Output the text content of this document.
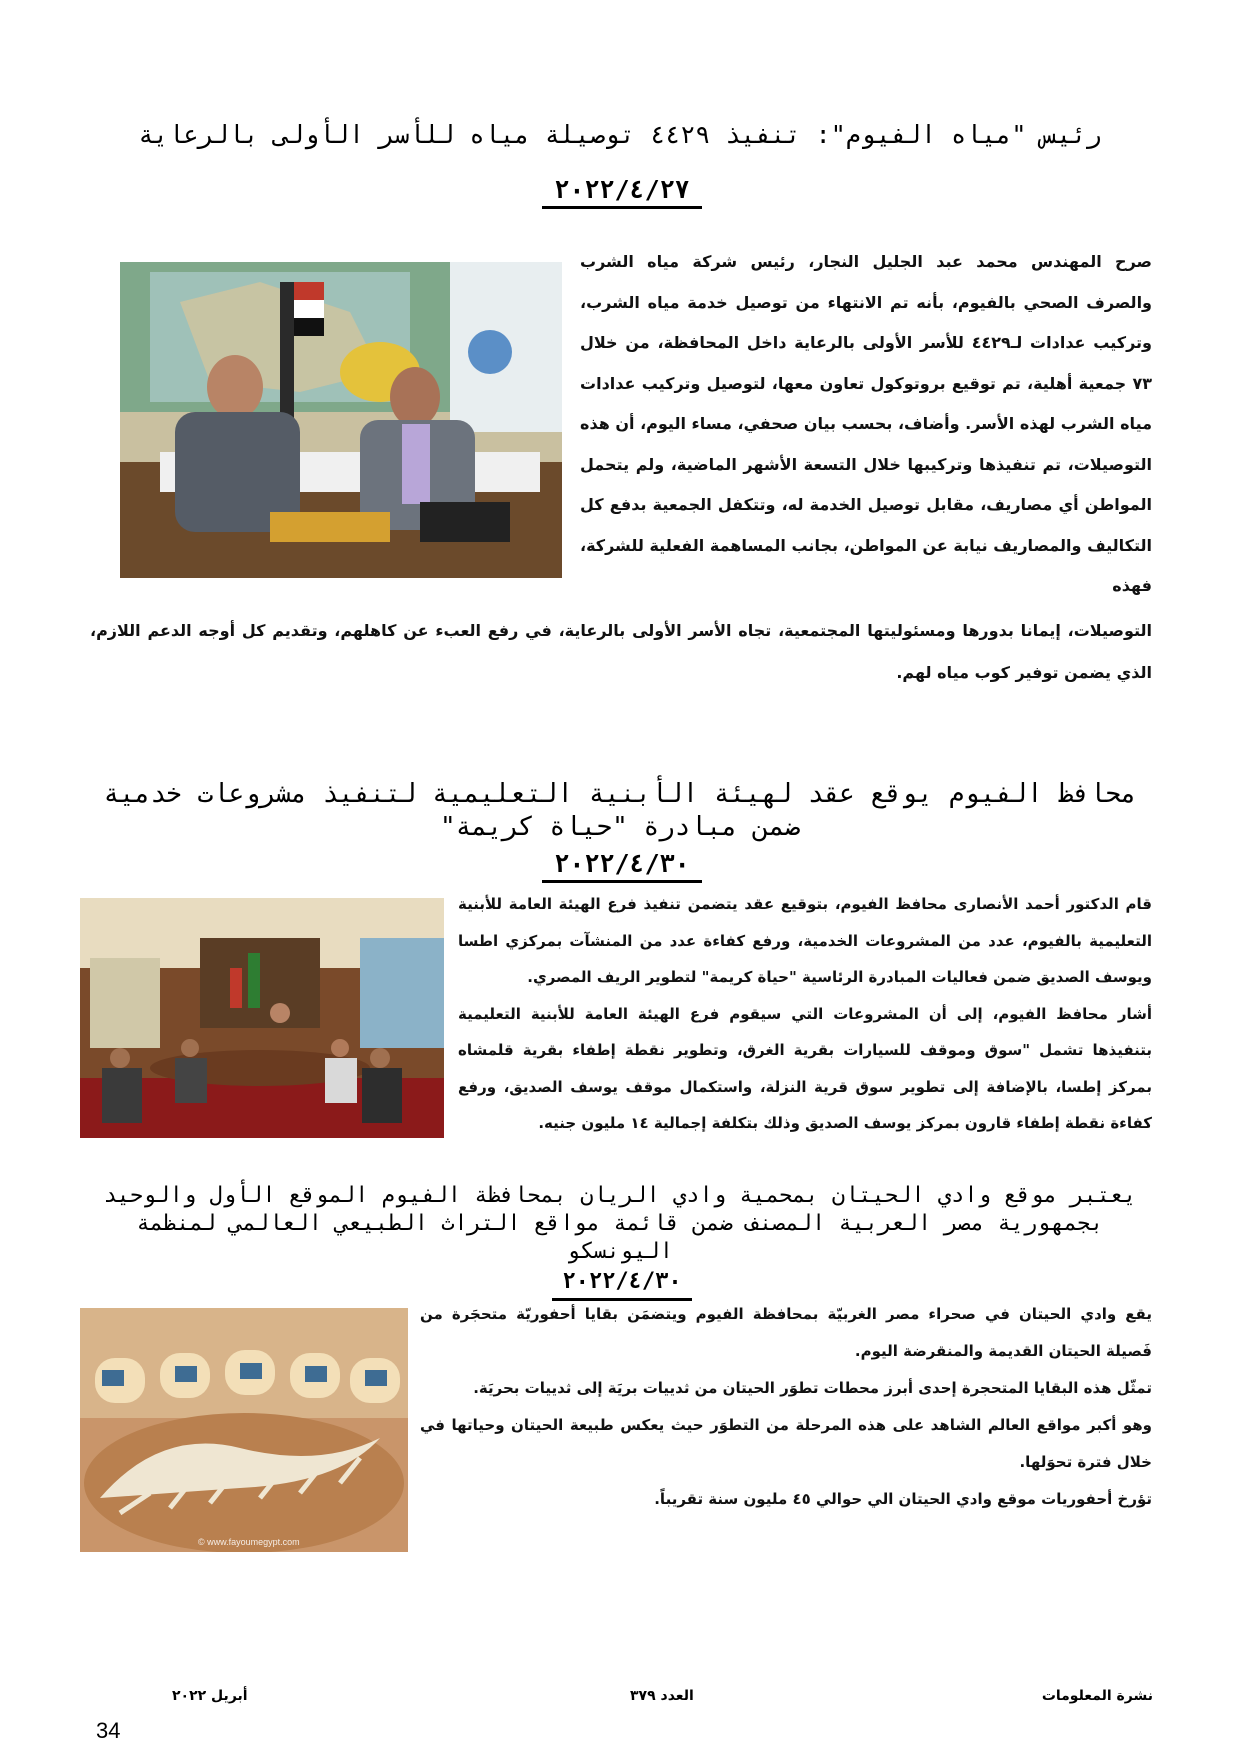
رئيس "مياه الفيوم": تنفيذ ٤٤٢٩ توصيلة مياه للأسر الأولى بالرعاية
٢٠٢٢/٤/٢٧
صرح المهندس محمد عبد الجليل النجار، رئيس شركة مياه الشرب والصرف الصحي بالفيوم، بأنه تم الانتهاء من توصيل خدمة مياه الشرب، وتركيب عدادات لـ٤٤٢٩ للأسر الأولى بالرعاية داخل المحافظة، من خلال ٧٣ جمعية أهلية، تم توقيع بروتوكول تعاون معها، لتوصيل وتركيب عدادات مياه الشرب لهذه الأسر. وأضاف، بحسب بيان صحفي، مساء اليوم، أن هذه التوصيلات، تم تنفيذها وتركيبها خلال التسعة الأشهر الماضية، ولم يتحمل المواطن أي مصاريف، مقابل توصيل الخدمة له، وتتكفل الجمعية بدفع كل التكاليف والمصاريف نيابة عن المواطن، بجانب المساهمة الفعلية للشركة، فهذه
التوصيلات، إيمانا بدورها ومسئوليتها المجتمعية، تجاه الأسر الأولى بالرعاية، في رفع العبء عن كاهلهم، وتقديم كل أوجه الدعم اللازم، الذي يضمن توفير كوب مياه لهم.
محافظ الفيوم يوقع عقد لهيئة الأبنية التعليمية لتنفيذ مشروعات خدمية ضمن مبادرة "حياة كريمة"
٢٠٢٢/٤/٣٠

قام الدكتور أحمد الأنصارى محافظ الفيوم، بتوقيع عقد يتضمن تنفيذ فرع الهيئة العامة للأبنية التعليمية بالفيوم، عدد من المشروعات الخدمية، ورفع كفاءة عدد من المنشآت بمركزي اطسا ويوسف الصديق ضمن فعاليات المبادرة الرئاسية "حياة كريمة" لتطوير الريف المصري.

أشار محافظ الفيوم، إلى أن المشروعات التي سيقوم فرع الهيئة العامة للأبنية التعليمية بتنفيذها تشمل "سوق وموقف للسيارات بقرية الغرق، وتطوير نقطة إطفاء بقرية قلمشاه بمركز إطسا، بالإضافة إلى تطوير سوق قرية النزلة، واستكمال موقف يوسف الصديق، ورفع كفاءة نقطة إطفاء قارون بمركز يوسف الصديق وذلك بتكلفة إجمالية ١٤ مليون جنيه.

يعتبر موقع وادي الحيتان بمحمية وادي الريان بمحافظة الفيوم الموقع الأول والوحيد بجمهورية مصر العربية المصنف ضمن قائمة مواقع التراث الطبيعي العالمي لمنظمة اليونسكو
٢٠٢٢/٤/٣٠
© www.fayoumegypt.com

يقع وادي الحيتان في صحراء مصر الغربيّة بمحافظة الفيوم ويتضمَن بقايا أحفوريّة متحجَرة من فَصيلة الحيتان القديمة والمنقرضة اليوم.

تمثّل هذه البقايا المتحجرة إحدى أبرز محطات تطوَر الحيتان من ثدييات بريَة إلى ثدييات بحريَة.

وهو أكبر مواقع العالم الشاهد على هذه المرحلة من التطوَر حيث يعكس طبيعة الحيتان وحياتها في خلال فترة تحوَلها.

تؤرخ أحفوريات موقع وادي الحيتان الي حوالي ٤٥ مليون سنة تقريباً.

نشرة المعلومات
العدد ٣٧٩
أبريل ٢٠٢٢
34
